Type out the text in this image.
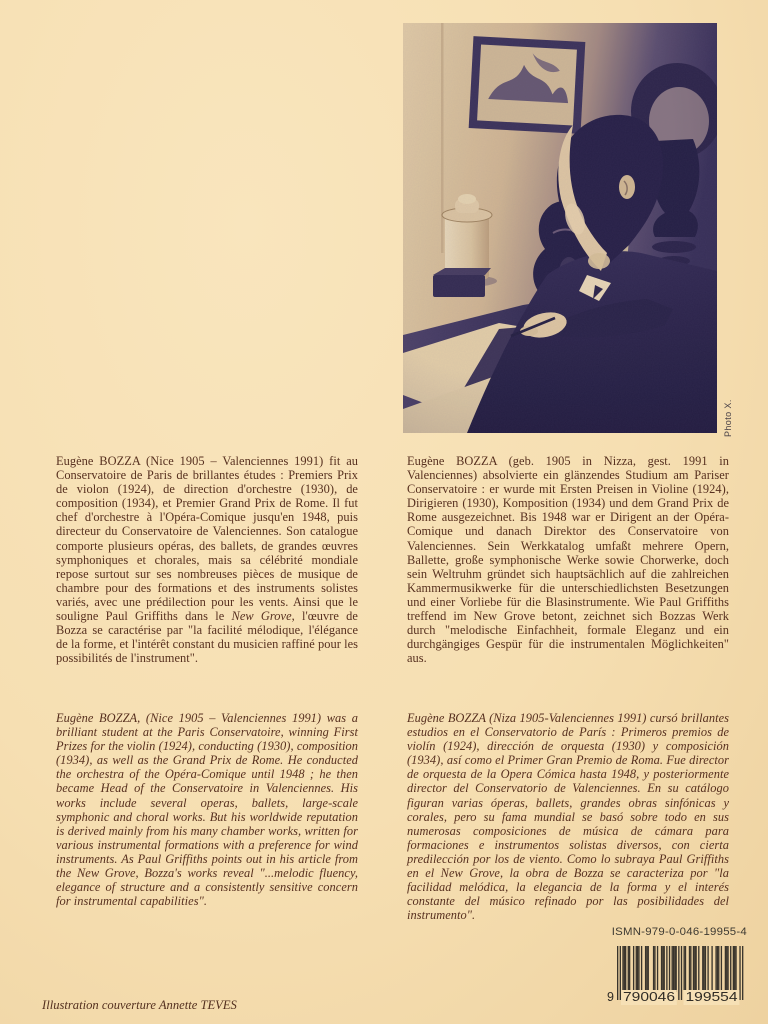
Photo X.
Eugène BOZZA (Nice 1905 – Valenciennes 1991) fit au Conservatoire de Paris de brillantes études : Premiers Prix de violon (1924), de direction d'orchestre (1930), de composition (1934), et Premier Grand Prix de Rome. Il fut chef d'orchestre à l'Opéra-Comique jusqu'en 1948, puis directeur du Conservatoire de Valenciennes. Son catalogue comporte plusieurs opéras, des ballets, de grandes œuvres symphoniques et chorales, mais sa célébrité mondiale repose surtout sur ses nombreuses pièces de musique de chambre pour des formations et des instruments solistes variés, avec une prédilection pour les vents. Ainsi que le souligne Paul Griffiths dans le New Grove, l'œuvre de Bozza se caractérise par "la facilité mélodique, l'élégance de la forme, et l'intérêt constant du musicien raffiné pour les possibilités de l'instrument".
Eugène BOZZA (geb. 1905 in Nizza, gest. 1991 in Valenciennes) absolvierte ein glänzendes Studium am Pariser Conservatoire : er wurde mit Ersten Preisen in Violine (1924), Dirigieren (1930), Komposition (1934) und dem Grand Prix de Rome ausgezeichnet. Bis 1948 war er Dirigent an der Opéra-Comique und danach Direktor des Conservatoire von Valenciennes. Sein Werkkatalog umfaßt mehrere Opern, Ballette, große symphonische Werke sowie Chorwerke, doch sein Weltruhm gründet sich hauptsächlich auf die zahlreichen Kammermusikwerke für die unterschiedlichsten Besetzungen und einer Vorliebe für die Blasinstrumente. Wie Paul Griffiths treffend im New Grove betont, zeichnet sich Bozzas Werk durch "melodische Einfachheit, formale Eleganz und ein durchgängiges Gespür für die instrumentalen Möglichkeiten" aus.
Eugène BOZZA, (Nice 1905 – Valenciennes 1991) was a brilliant student at the Paris Conservatoire, winning First Prizes for the violin (1924), conducting (1930), composition (1934), as well as the Grand Prix de Rome. He conducted the orchestra of the Opéra-Comique until 1948 ; he then became Head of the Conservatoire in Valenciennes. His works include several operas, ballets, large-scale symphonic and choral works. But his worldwide reputation is derived mainly from his many chamber works, written for various instrumental formations with a preference for wind instruments. As Paul Griffiths points out in his article from the New Grove, Bozza's works reveal "...melodic fluency, elegance of structure and a consistently sensitive concern for instrumental capabilities".
Eugène BOZZA (Niza 1905-Valenciennes 1991) cursó brillantes estudios en el Conservatorio de París : Primeros premios de violín (1924), dirección de orquesta (1930) y composición (1934), así como el Primer Gran Premio de Roma. Fue director de orquesta de la Opera Cómica hasta 1948, y posteriormente director del Conservatorio de Valenciennes. En su catálogo figuran varias óperas, ballets, grandes obras sinfónicas y corales, pero su fama mundial se basó sobre todo en sus numerosas composiciones de música de cámara para formaciones e instrumentos solistas diversos, con cierta predilección por los de viento. Como lo subraya Paul Griffiths en el New Grove, la obra de Bozza se caracteriza por "la facilidad melódica, la elegancia de la forma y el interés constante del músico refinado por las posibilidades del instrumento".
Illustration couverture Annette TEVES
ISMN-979-0-046-19955-4
9 790046 199554
